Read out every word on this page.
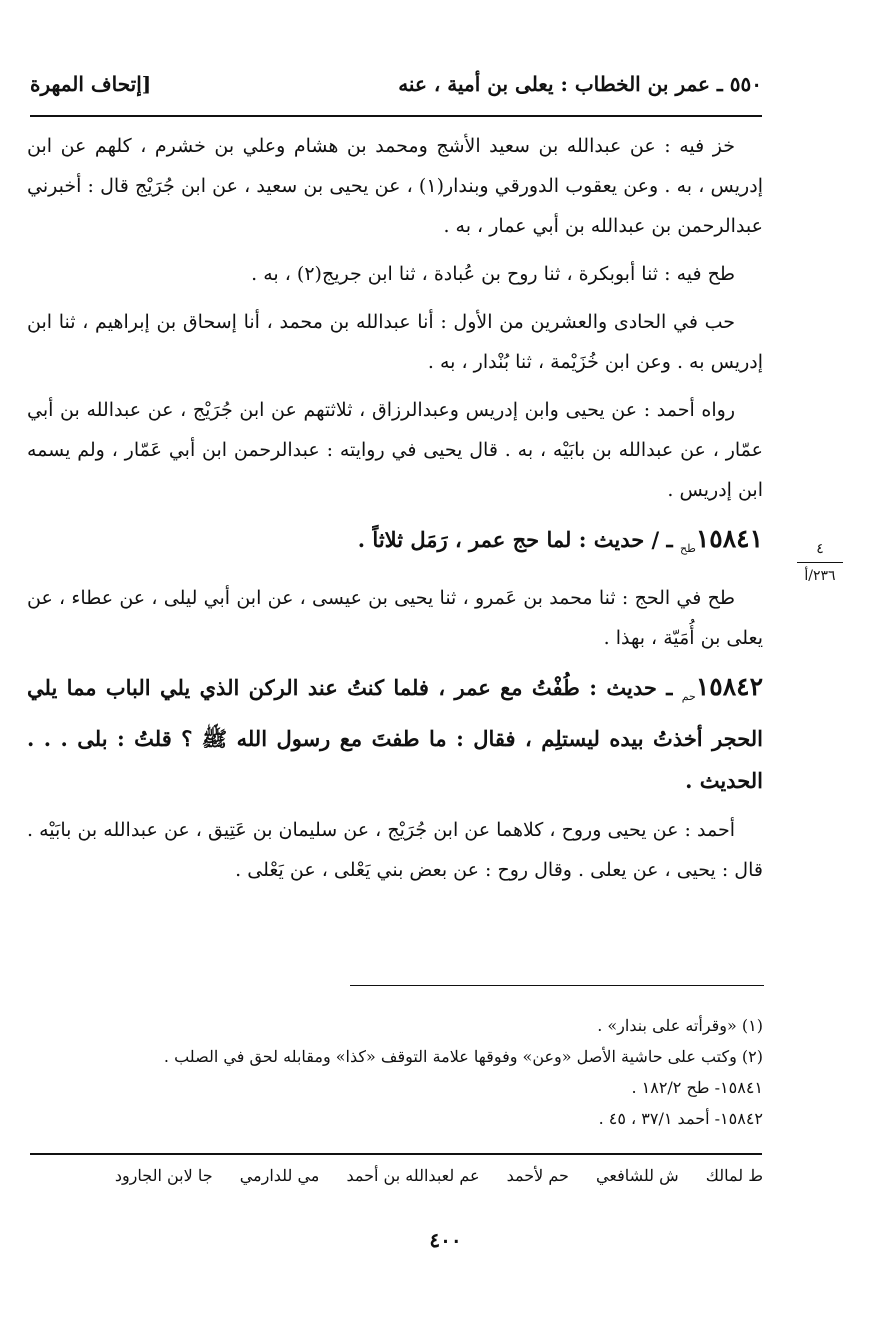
٥٥٠ ـ عمر بن الخطاب : يعلى بن أمية ، عنه
[إتحاف المهرة

خز فيه : عن عبدالله بن سعيد الأشج ومحمد بن هشام وعلي بن خشرم ، كلهم عن ابن إدريس ، به . وعن يعقوب الدورقي وبندار(١) ، عن يحيى بن سعيد ، عن ابن جُرَيْج قال : أخبرني عبدالرحمن بن عبدالله بن أبي عمار ، به .

طح فيه : ثنا أبوبكرة ، ثنا روح بن عُبادة ، ثنا ابن جريج(٢) ، به .

حب في الحادى والعشرين من الأول : أنا عبدالله بن محمد ، أنا إسحاق بن إبراهيم ، ثنا ابن إدريس به . وعن ابن خُزَيْمة ، ثنا بُنْدار ، به .

رواه أحمد : عن يحيى وابن إدريس وعبدالرزاق ، ثلاثتهم عن ابن جُرَيْج ، عن عبدالله بن أبي عمّار ، عن عبدالله بن بابَيْه ، به . قال يحيى في روايته : عبدالرحمن ابن أبي عَمّار ، ولم يسمه ابن إدريس .

$١٥٨٤١_{طح}$ ـ / حديث : لما حج عمر ، رَمَل ثلاثاً .

طح في الحج : ثنا محمد بن عَمرو ، ثنا يحيى بن عيسى ، عن ابن أبي ليلى ، عن عطاء ، عن يعلى بن أُمَيّة ، بهذا .

$١٥٨٤٢_{حم}$ ـ حديث : طُفْتُ مع عمر ، فلما كنتُ عند الركن الذي يلي الباب مما يلي الحجر أخذتُ بيده ليستلِم ، فقال : ما طفتَ مع رسول الله ﷺ ؟ قلتُ : بلى . . . الحديث .

أحمد : عن يحيى وروح ، كلاهما عن ابن جُرَيْج ، عن سليمان بن عَتِيق ، عن عبدالله بن بابَيْه . قال : يحيى ، عن يعلى . وقال روح : عن بعض بني يَعْلى ، عن يَعْلى .

٤
٢٣٦/أ
(١) «وقرأته على بندار» .
(٢) وكتب على حاشية الأصل «وعن» وفوقها علامة التوقف «كذا» ومقابله لحق في الصلب .
١٥٨٤١- طح ١٨٢/٢ .
١٥٨٤٢- أحمد ٣٧/١ ، ٤٥ .
ط لمالك ش للشافعي حم لأحمد عم لعبدالله بن أحمد مي للدارمي جا لابن الجارود
٤٠٠
